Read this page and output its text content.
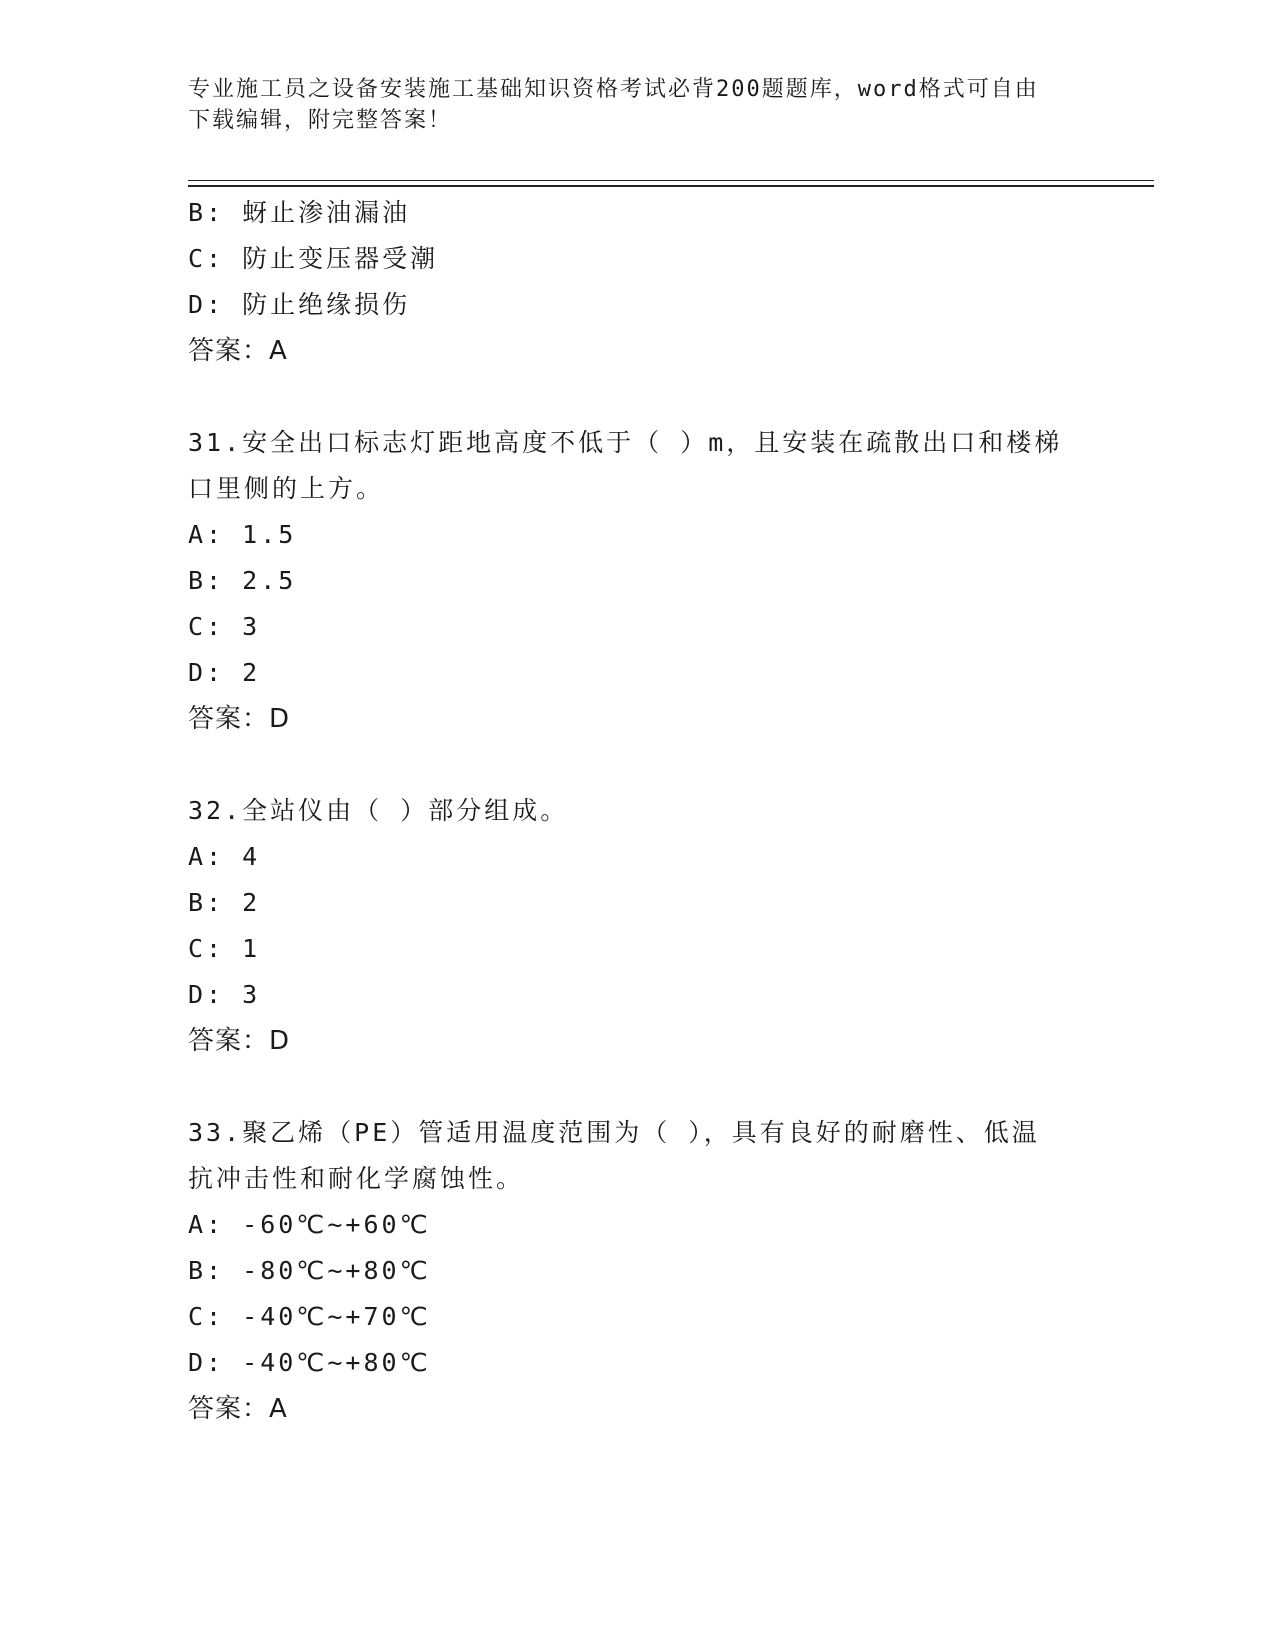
专业施工员之设备安装施工基础知识资格考试必背200题题库，word格式可自由
下载编辑，附完整答案！
B: 蚜止渗油漏油
C: 防止变压器受潮
D: 防止绝缘损伤
答案：A
31.安全出口标志灯距地高度不低于（ ）m，且安装在疏散出口和楼梯
口里侧的上方。
A: 1.5
B: 2.5
C: 3
D: 2
答案：D
32.全站仪由（ ）部分组成。
A: 4
B: 2
C: 1
D: 3
答案：D
33.聚乙烯（PE）管适用温度范围为（ ），具有良好的耐磨性、低温
抗冲击性和耐化学腐蚀性。
A: -60℃~+60℃
B: -80℃~+80℃
C: -40℃~+70℃
D: -40℃~+80℃
答案：A
